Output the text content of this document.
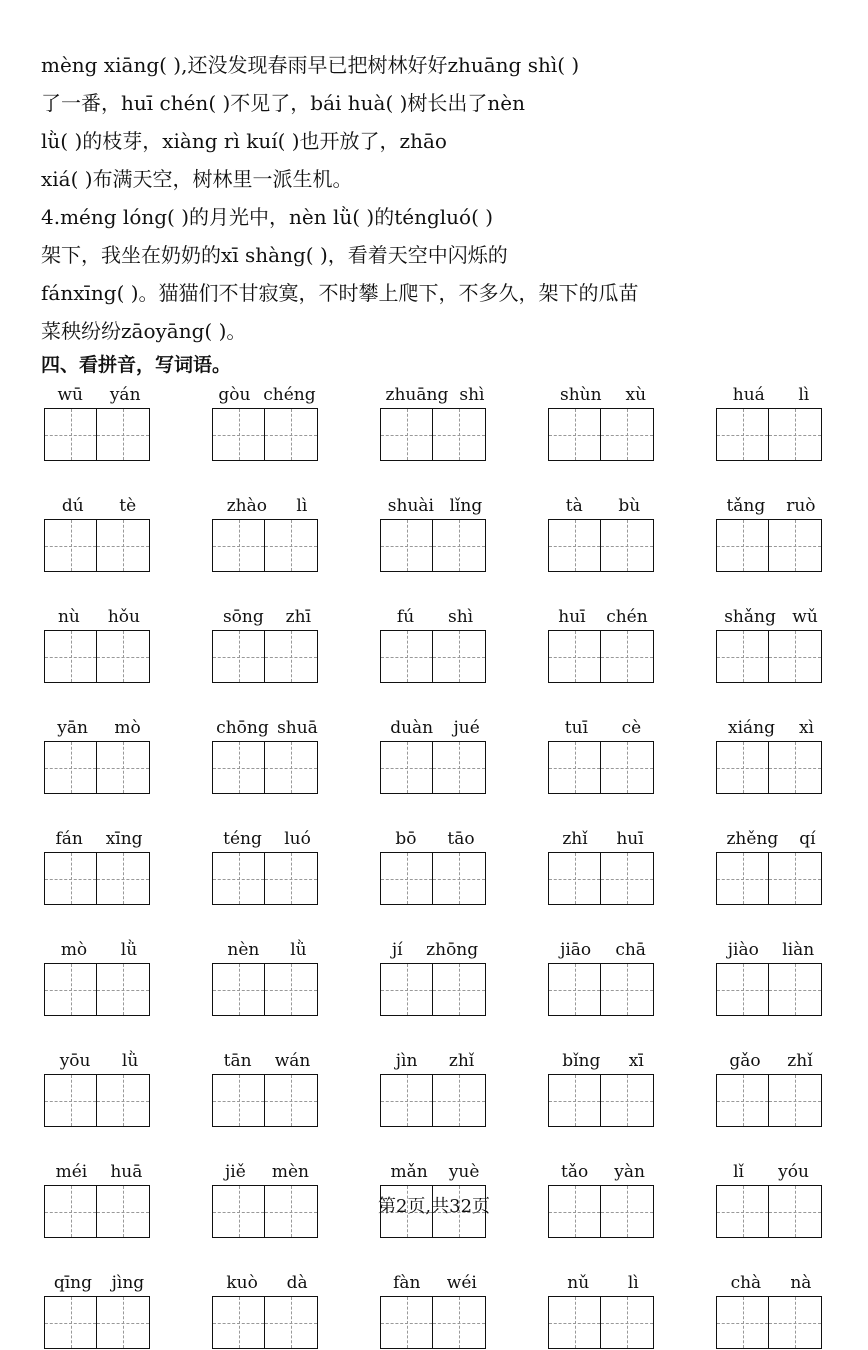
mèng xiāng( ),还没发现春雨早已把树林好好zhuāng shì( )
了一番，huī chén( )不见了，bái huà( )树长出了nèn
lǜ( )的枝芽，xiàng rì kuí( )也开放了，zhāo
xiá( )布满天空，树林里一派生机。
4.méng lóng( )的月光中，nèn lǜ( )的téngluó( )
架下，我坐在奶奶的xī shàng( )，看着天空中闪烁的
fánxīng( )。猫猫们不甘寂寞，不时攀上爬下，不多久，架下的瓜苗
菜秧纷纷zāoyāng( )。
四、看拼音，写词语。
wū yán	gòu chéng	zhuāng shì	shùn xù	huá lì
dú tè	zhào lì	shuài lǐng	tà bù	tǎng ruò
nù hǒu	sōng zhī	fú shì	huī chén	shǎng wǔ
yān mò	chōng shuā	duàn jué	tuī cè	xiáng xì
fán xīng	téng luó	bō tāo	zhǐ huī	zhěng qí
mò lǜ	nèn lǜ	jí zhōng	jiāo chā	jiào liàn
yōu lǜ	tān wán	jìn zhǐ	bǐng xī	gǎo zhǐ
méi huā	jiě mèn	mǎn yuè	tǎo yàn	lǐ yóu
qīng jìng	kuò dà	fàn wéi	nǔ lì	chà nà
第2页,共32页
